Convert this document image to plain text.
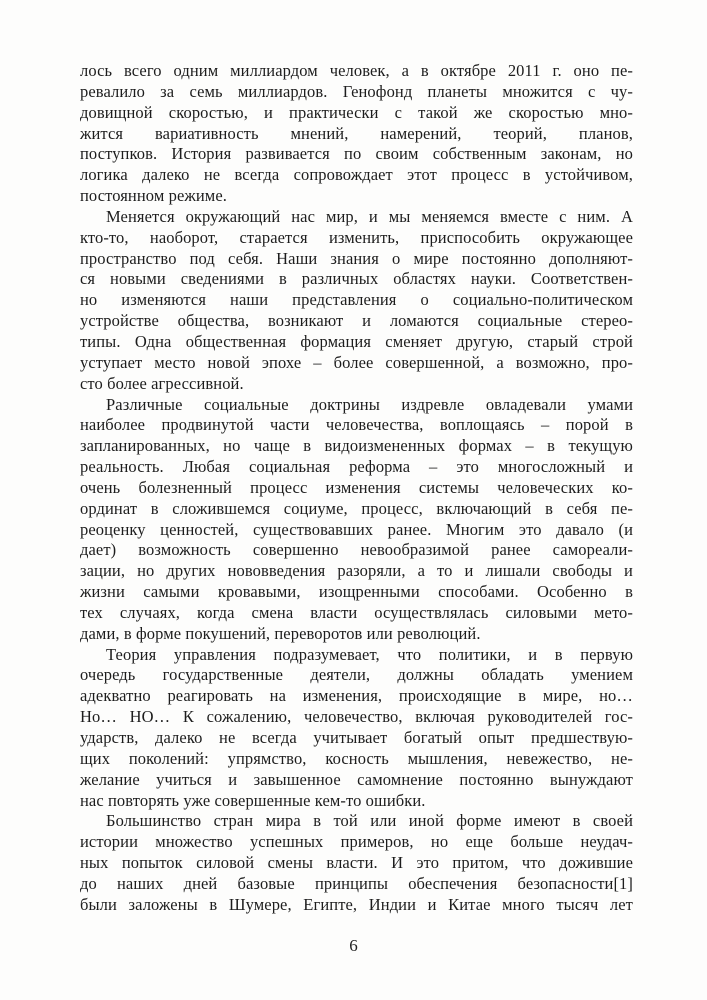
лось всего одним миллиардом человек, а в октябре 2011 г. оно пе-
ревалило за семь миллиардов. Генофонд планеты множится с чу-
довищной скоростью, и практически с такой же скоростью мно-
жится вариативность мнений, намерений, теорий, планов,
поступков. История развивается по своим собственным законам, но
логика далеко не всегда сопровождает этот процесс в устойчивом,
постоянном режиме.
Меняется окружающий нас мир, и мы меняемся вместе с ним. А
кто-то, наоборот, старается изменить, приспособить окружающее
пространство под себя. Наши знания о мире постоянно дополняют-
ся новыми сведениями в различных областях науки. Соответствен-
но изменяются наши представления о социально-политическом
устройстве общества, возникают и ломаются социальные стерео-
типы. Одна общественная формация сменяет другую, старый строй
уступает место новой эпохе – более совершенной, а возможно, про-
сто более агрессивной.
Различные социальные доктрины издревле овладевали умами
наиболее продвинутой части человечества, воплощаясь – порой в
запланированных, но чаще в видоизмененных формах – в текущую
реальность. Любая социальная реформа – это многосложный и
очень болезненный процесс изменения системы человеческих ко-
ординат в сложившемся социуме, процесс, включающий в себя пе-
реоценку ценностей, существовавших ранее. Многим это давало (и
дает) возможность совершенно невообразимой ранее самореали-
зации, но других нововведения разоряли, а то и лишали свободы и
жизни самыми кровавыми, изощренными способами. Особенно в
тех случаях, когда смена власти осуществлялась силовыми мето-
дами, в форме покушений, переворотов или революций.
Теория управления подразумевает, что политики, и в первую
очередь государственные деятели, должны обладать умением
адекватно реагировать на изменения, происходящие в мире, но…
Но… НО… К сожалению, человечество, включая руководителей гос-
ударств, далеко не всегда учитывает богатый опыт предшествую-
щих поколений: упрямство, косность мышления, невежество, не-
желание учиться и завышенное самомнение постоянно вынуждают
нас повторять уже совершенные кем-то ошибки.
Большинство стран мира в той или иной форме имеют в своей
истории множество успешных примеров, но еще больше неудач-
ных попыток силовой смены власти. И это притом, что дожившие
до наших дней базовые принципы обеспечения безопасности[1]
были заложены в Шумере, Египте, Индии и Китае много тысяч лет
6
